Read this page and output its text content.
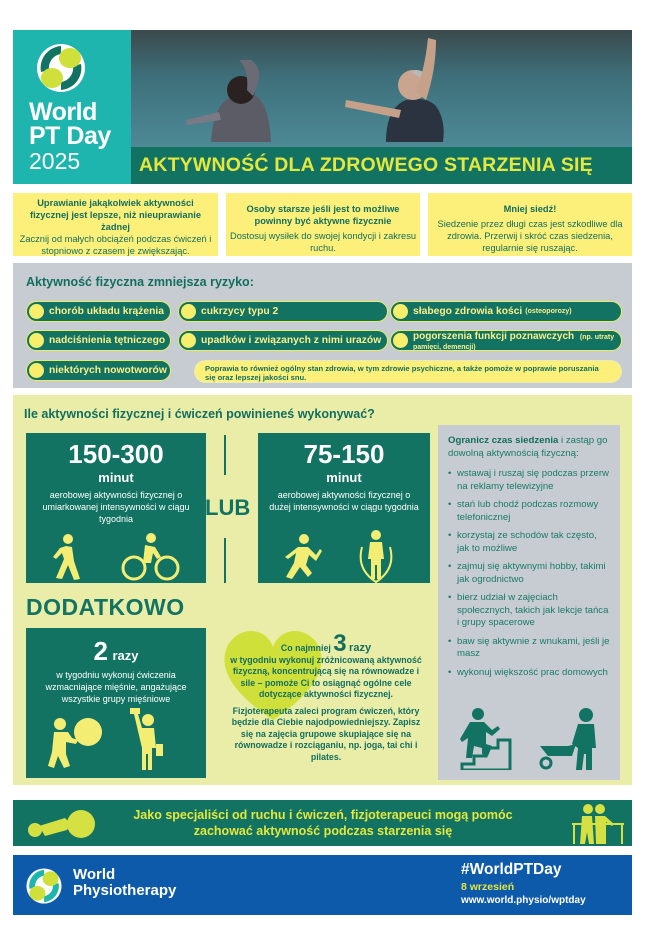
World
PT Day
2025	AKTYWNOŚĆ DLA ZDROWEGO STARZENIA SIĘ
Uprawianie jakąkolwiek aktywności fizycznej jest lepsze, niż nieuprawianie żadnej
Zacznij od małych obciążeń podczas ćwiczeń i stopniowo z czasem je zwiększając.
Osoby starsze jeśli jest to możliwe powinny być aktywne fizycznie
Dostosuj wysiłek do swojej kondycji i zakresu ruchu.
Mniej siedź!
Siedzenie przez długi czas jest szkodliwe dla zdrowia. Przerwij i skróć czas siedzenia, regularnie się ruszając.
Aktywność fizyczna zmniejsza ryzyko:
chorób układu krążenia	cukrzycy typu 2	słabego zdrowia kości (osteoporozy)
nadciśnienia tętniczego	upadków i związanych z nimi urazów	pogorszenia funkcji poznawczych (np. utraty pamięci, demencji)
niektórych nowotworów	Poprawia to również ogólny stan zdrowia, w tym zdrowie psychiczne, a także pomoże w poprawie poruszania się oraz lepszej jakości snu.
Ile aktywności fizycznej i ćwiczeń powinieneś wykonywać?
150-300
minut
aerobowej aktywności fizycznej o umiarkowanej intensywności w ciągu tygodnia	LUB
75-150
minut
aerobowej aktywności fizycznej o dużej intensywności w ciągu tygodnia
DODATKOWO
2 razy
w tygodniu wykonuj ćwiczenia wzmacniające mięśnie, angażujące wszystkie grupy mięśniowe
Co najmniej 3 razy
w tygodniu wykonuj zróżnicowaną aktywność fizyczną, koncentrującą się na równowadze i sile – pomoże Ci to osiągnąć ogólne cele dotyczące aktywności fizycznej.
Fizjoterapeuta zaleci program ćwiczeń, który będzie dla Ciebie najodpowiedniejszy. Zapisz się na zajęcia grupowe skupiające się na równowadze i rozciąganiu, np. joga, tai chi i pilates.
Ogranicz czas siedzenia i zastąp go dowolną aktywnością fizyczną:
• wstawaj i ruszaj się podczas przerw na reklamy telewizyjne
• stań lub chodź podczas rozmowy telefonicznej
• korzystaj ze schodów tak często, jak to możliwe
• zajmuj się aktywnymi hobby, takimi jak ogrodnictwo
• bierz udział w zajęciach społecznych, takich jak lekcje tańca i grupy spacerowe
• baw się aktywnie z wnukami, jeśli je masz
• wykonuj większość prac domowych
Jako specjaliści od ruchu i ćwiczeń, fizjoterapeuci mogą pomóc zachować aktywność podczas starzenia się
World
Physiotherapy
#WorldPTDay
8 wrzesień
www.world.physio/wptday
